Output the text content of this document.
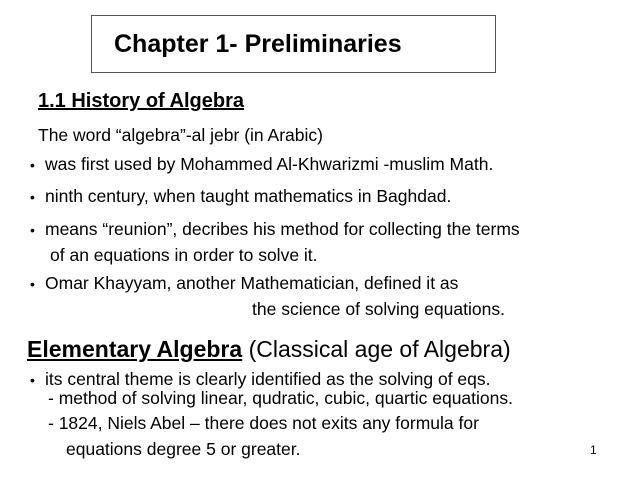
Chapter 1- Preliminaries
1.1 History of Algebra
The word “algebra”-al jebr (in Arabic)
• was first used by Mohammed Al-Khwarizmi -muslim Math.
• ninth century, when taught mathematics in Baghdad.
• means “reunion”, decribes his method for collecting the terms
of an equations in order to solve it.
• Omar Khayyam, another Mathematician, defined it as
the science of solving equations.
Elementary Algebra (Classical age of Algebra)
• its central theme is clearly identified as the solving of eqs.
- method of solving linear, qudratic, cubic, quartic equations.
- 1824, Niels Abel – there does not exits any formula for
equations degree 5 or greater.	1
